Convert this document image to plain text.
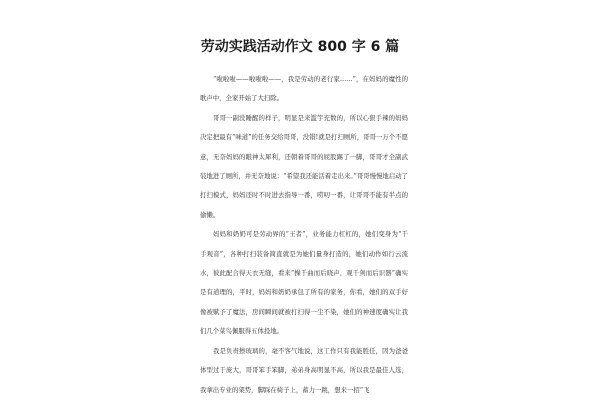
劳动实践活动作文 800 字 6 篇

“啦啦啦——啦啦啦——，我是劳动的老行家……”，在妈妈的魔性的歌声中，全家开始了大扫除。

哥哥一副没睡醒的样子，明显是来滥竽充数的，所以心狠手辣的妈妈决定把最有“味道”的任务交给哥哥，没错!就是打扫厕所，哥哥一万个不愿意，无奈妈妈的眼神太犀利，还朝着哥哥的屁股踢了一脚，哥哥才全副武装地进了厕所，并无奈地说：“希望我还能活着走出来。”哥哥慢慢地启动了打扫模式，妈妈还时不时进去指导一番，唠叨一番，让哥哥不能有半点的偷懒。

妈妈和奶奶可是劳动界的“王者”，业务能力杠杠的，她们变身为“千手观音”，各种打扫装备简直就是为她们量身打造的，她们动作如行云流水，彼此配合得天衣无缝，看来“操千曲而后晓声，观千剑而后识器”确实是有道理的，平时，妈妈和奶奶承包了所有的家务，你看，她们的双手好像被赋予了魔法，房间瞬间就被打扫得一尘不染，她们的神速度确实让我们几个菜鸟佩服得五体投地。

我是负责擦玻璃的，毫不客气地说，这工作只有我能胜任，因为爸爸体型过于庞大，哥哥笨手笨脚，弟弟身高明显不高，所以我是最佳人选，我拿出专业的架势，脚踩在椅子上，蓄力一跳，想来一招“飞
